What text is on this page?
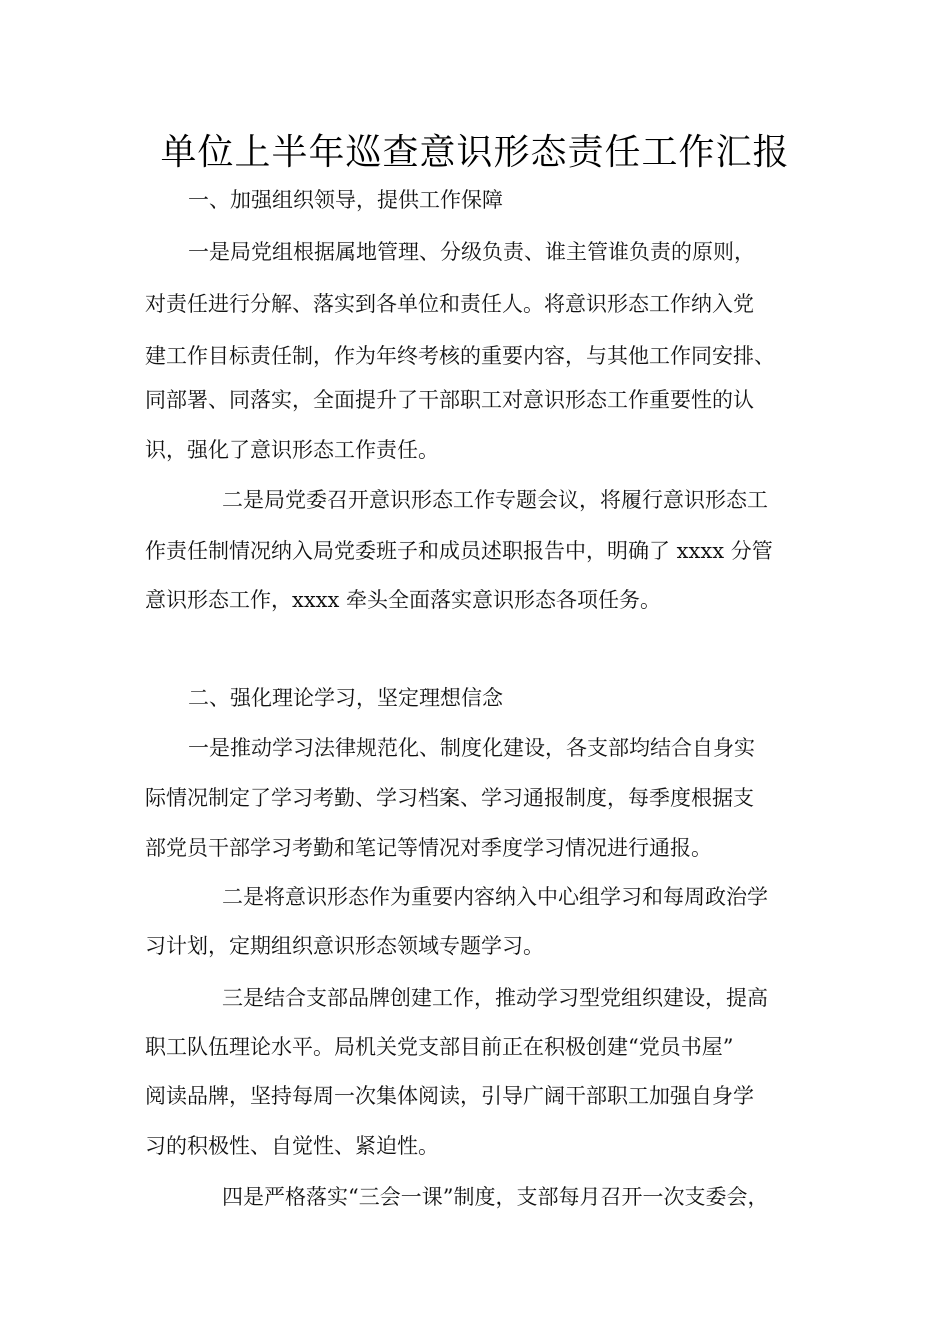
单位上半年巡查意识形态责任工作汇报
一、加强组织领导，提供工作保障
一是局党组根据属地管理、分级负责、谁主管谁负责的原则，
对责任进行分解、落实到各单位和责任人。将意识形态工作纳入党
建工作目标责任制，作为年终考核的重要内容，与其他工作同安排、
同部署、同落实，全面提升了干部职工对意识形态工作重要性的认
识，强化了意识形态工作责任。
二是局党委召开意识形态工作专题会议，将履行意识形态工
作责任制情况纳入局党委班子和成员述职报告中，明确了 xxxx 分管
意识形态工作，xxxx 牵头全面落实意识形态各项任务。
二、强化理论学习，坚定理想信念
一是推动学习法律规范化、制度化建设，各支部均结合自身实
际情况制定了学习考勤、学习档案、学习通报制度，每季度根据支
部党员干部学习考勤和笔记等情况对季度学习情况进行通报。
二是将意识形态作为重要内容纳入中心组学习和每周政治学
习计划，定期组织意识形态领域专题学习。
三是结合支部品牌创建工作，推动学习型党组织建设，提高
职工队伍理论水平。局机关党支部目前正在积极创建“党员书屋”
阅读品牌，坚持每周一次集体阅读，引导广阔干部职工加强自身学
习的积极性、自觉性、紧迫性。
四是严格落实“三会一课”制度，支部每月召开一次支委会，
